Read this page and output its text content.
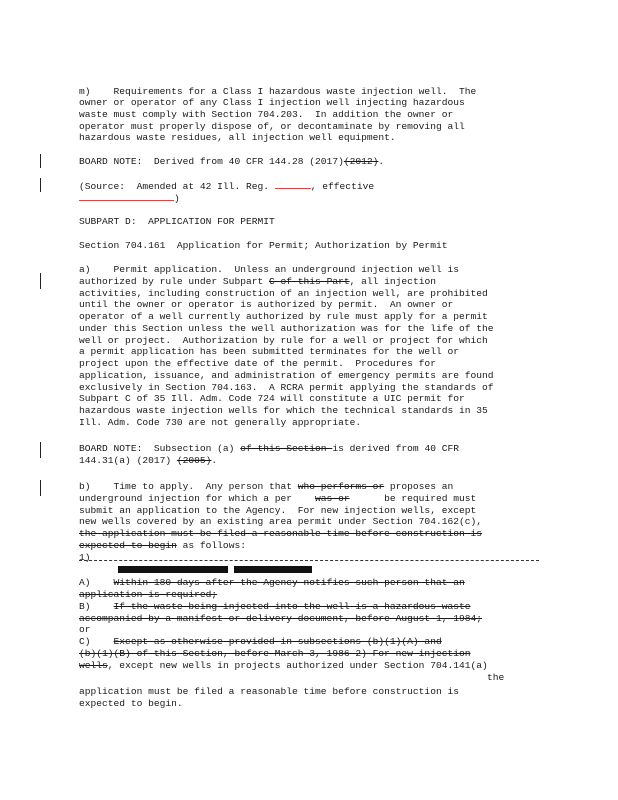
m)    Requirements for a Class I hazardous waste injection well.  The
owner or operator of any Class I injection well injecting hazardous
waste must comply with Section 704.203.  In addition the owner or
operator must properly dispose of, or decontaminate by removing all
hazardous waste residues, all injection well equipment.
BOARD NOTE:  Derived from 40 CFR 144.28 (2017)(2012).
(Source:  Amended at 42 Ill. Reg.	, effective
)
SUBPART D:  APPLICATION FOR PERMIT
Section 704.161  Application for Permit; Authorization by Permit
a)    Permit application.  Unless an underground injection well is
authorized by rule under Subpart C of this Part, all injection
activities, including construction of an injection well, are prohibited
until the owner or operator is authorized by permit.  An owner or
operator of a well currently authorized by rule must apply for a permit
under this Section unless the well authorization was for the life of the
well or project.  Authorization by rule for a well or project for which
a permit application has been submitted terminates for the well or
project upon the effective date of the permit.  Procedures for
application, issuance, and administration of emergency permits are found
exclusively in Section 704.163.  A RCRA permit applying the standards of
Subpart C of 35 Ill. Adm. Code 724 will constitute a UIC permit for
hazardous waste injection wells for which the technical standards in 35
Ill. Adm. Code 730 are not generally appropriate.
BOARD NOTE:  Subsection (a) of this Section is derived from 40 CFR
144.31(a) (2017) (2005).
b)    Time to apply.  Any person that who performs or proposes an
underground injection for which a per    was or      be required must
submit an application to the Agency.  For new injection wells, except
new wells covered by an existing area permit under Section 704.162(c),
the application must be filed a reasonable time before construction is
expected to begin as follows:
1)

A)    Within 180 days after the Agency notifies such person that an
application is required;
B)    If the waste being injected into the well is a hazardous waste
accompanied by a manifest or delivery document, before August 1, 1984;
or
C)    Except as otherwise provided in subsections (b)(1)(A) and
(b)(1)(B) of this Section, before March 3, 1986 2) For new injection
wells, except new wells in projects authorized under Section 704.141(a)
the
application must be filed a reasonable time before construction is
expected to begin.
